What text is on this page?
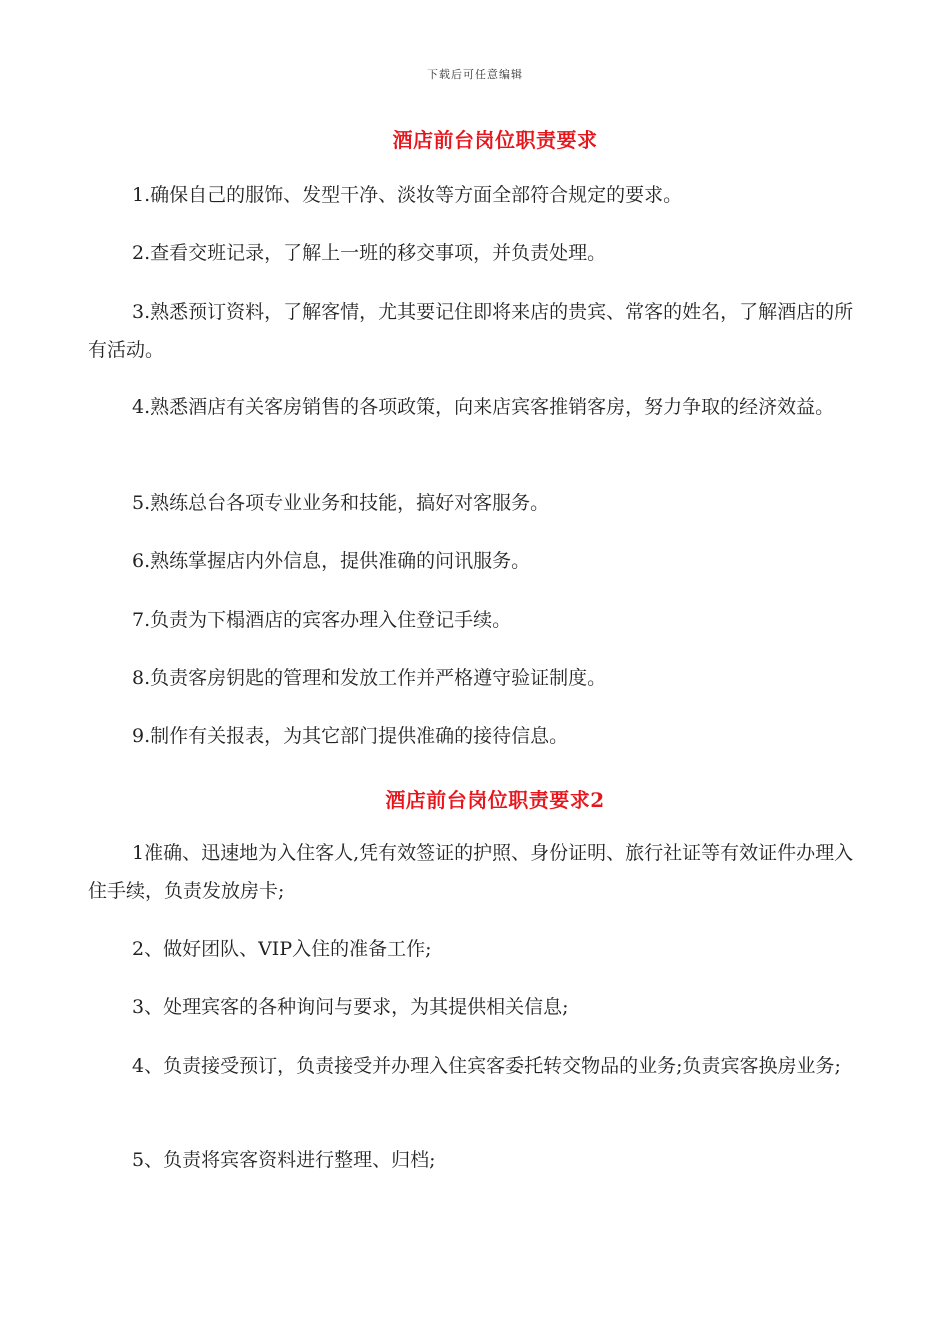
下载后可任意编辑
酒店前台岗位职责要求
1.确保自己的服饰、发型干净、淡妆等方面全部符合规定的要求。
2.查看交班记录，了解上一班的移交事项，并负责处理。
3.熟悉预订资料，了解客情，尤其要记住即将来店的贵宾、常客的姓名，了解酒店的所有活动。
4.熟悉酒店有关客房销售的各项政策，向来店宾客推销客房，努力争取的经济效益。
5.熟练总台各项专业业务和技能，搞好对客服务。
6.熟练掌握店内外信息，提供准确的问讯服务。
7.负责为下榻酒店的宾客办理入住登记手续。
8.负责客房钥匙的管理和发放工作并严格遵守验证制度。
9.制作有关报表，为其它部门提供准确的接待信息。
酒店前台岗位职责要求2
1准确、迅速地为入住客人,凭有效签证的护照、身份证明、旅行社证等有效证件办理入住手续，负责发放房卡;
2、做好团队、VIP入住的准备工作;
3、处理宾客的各种询问与要求，为其提供相关信息;
4、负责接受预订，负责接受并办理入住宾客委托转交物品的业务;负责宾客换房业务;
5、负责将宾客资料进行整理、归档;
